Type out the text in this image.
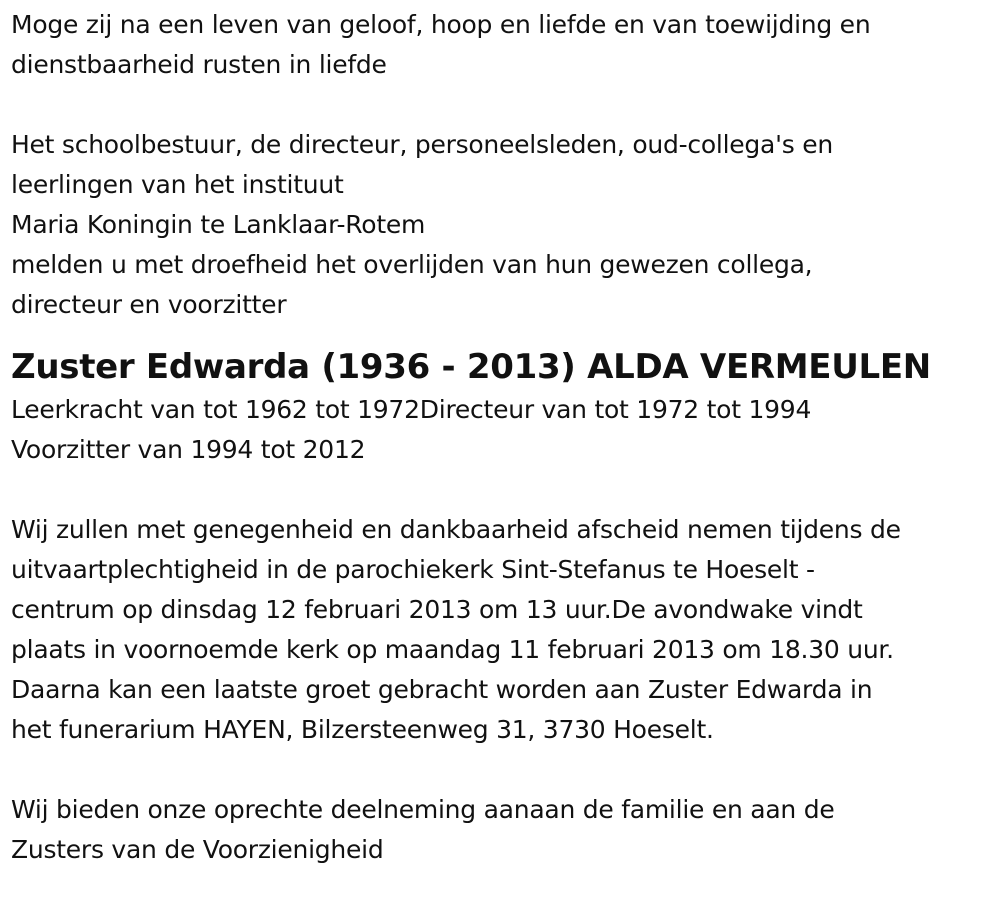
Moge zij na een leven van geloof, hoop en liefde en van toewijding en
dienstbaarheid rusten in liefde
Het schoolbestuur, de directeur, personeelsleden, oud-collega's en
leerlingen van het instituut
Maria Koningin te Lanklaar-Rotem
melden u met droefheid het overlijden van hun gewezen collega,
directeur en voorzitter
Zuster Edwarda (1936 - 2013) ALDA VERMEULEN
Leerkracht van tot 1962 tot 1972Directeur van tot 1972 tot 1994
Voorzitter van 1994 tot 2012
Wij zullen met genegenheid en dankbaarheid afscheid nemen tijdens de
uitvaartplechtigheid in de parochiekerk Sint-Stefanus te Hoeselt -
centrum op dinsdag 12 februari 2013 om 13 uur.De avondwake vindt
plaats in voornoemde kerk op maandag 11 februari 2013 om 18.30 uur.
Daarna kan een laatste groet gebracht worden aan Zuster Edwarda in
het funerarium HAYEN, Bilzersteenweg 31, 3730 Hoeselt.
Wij bieden onze oprechte deelneming aanaan de familie en aan de
Zusters van de Voorzienigheid
